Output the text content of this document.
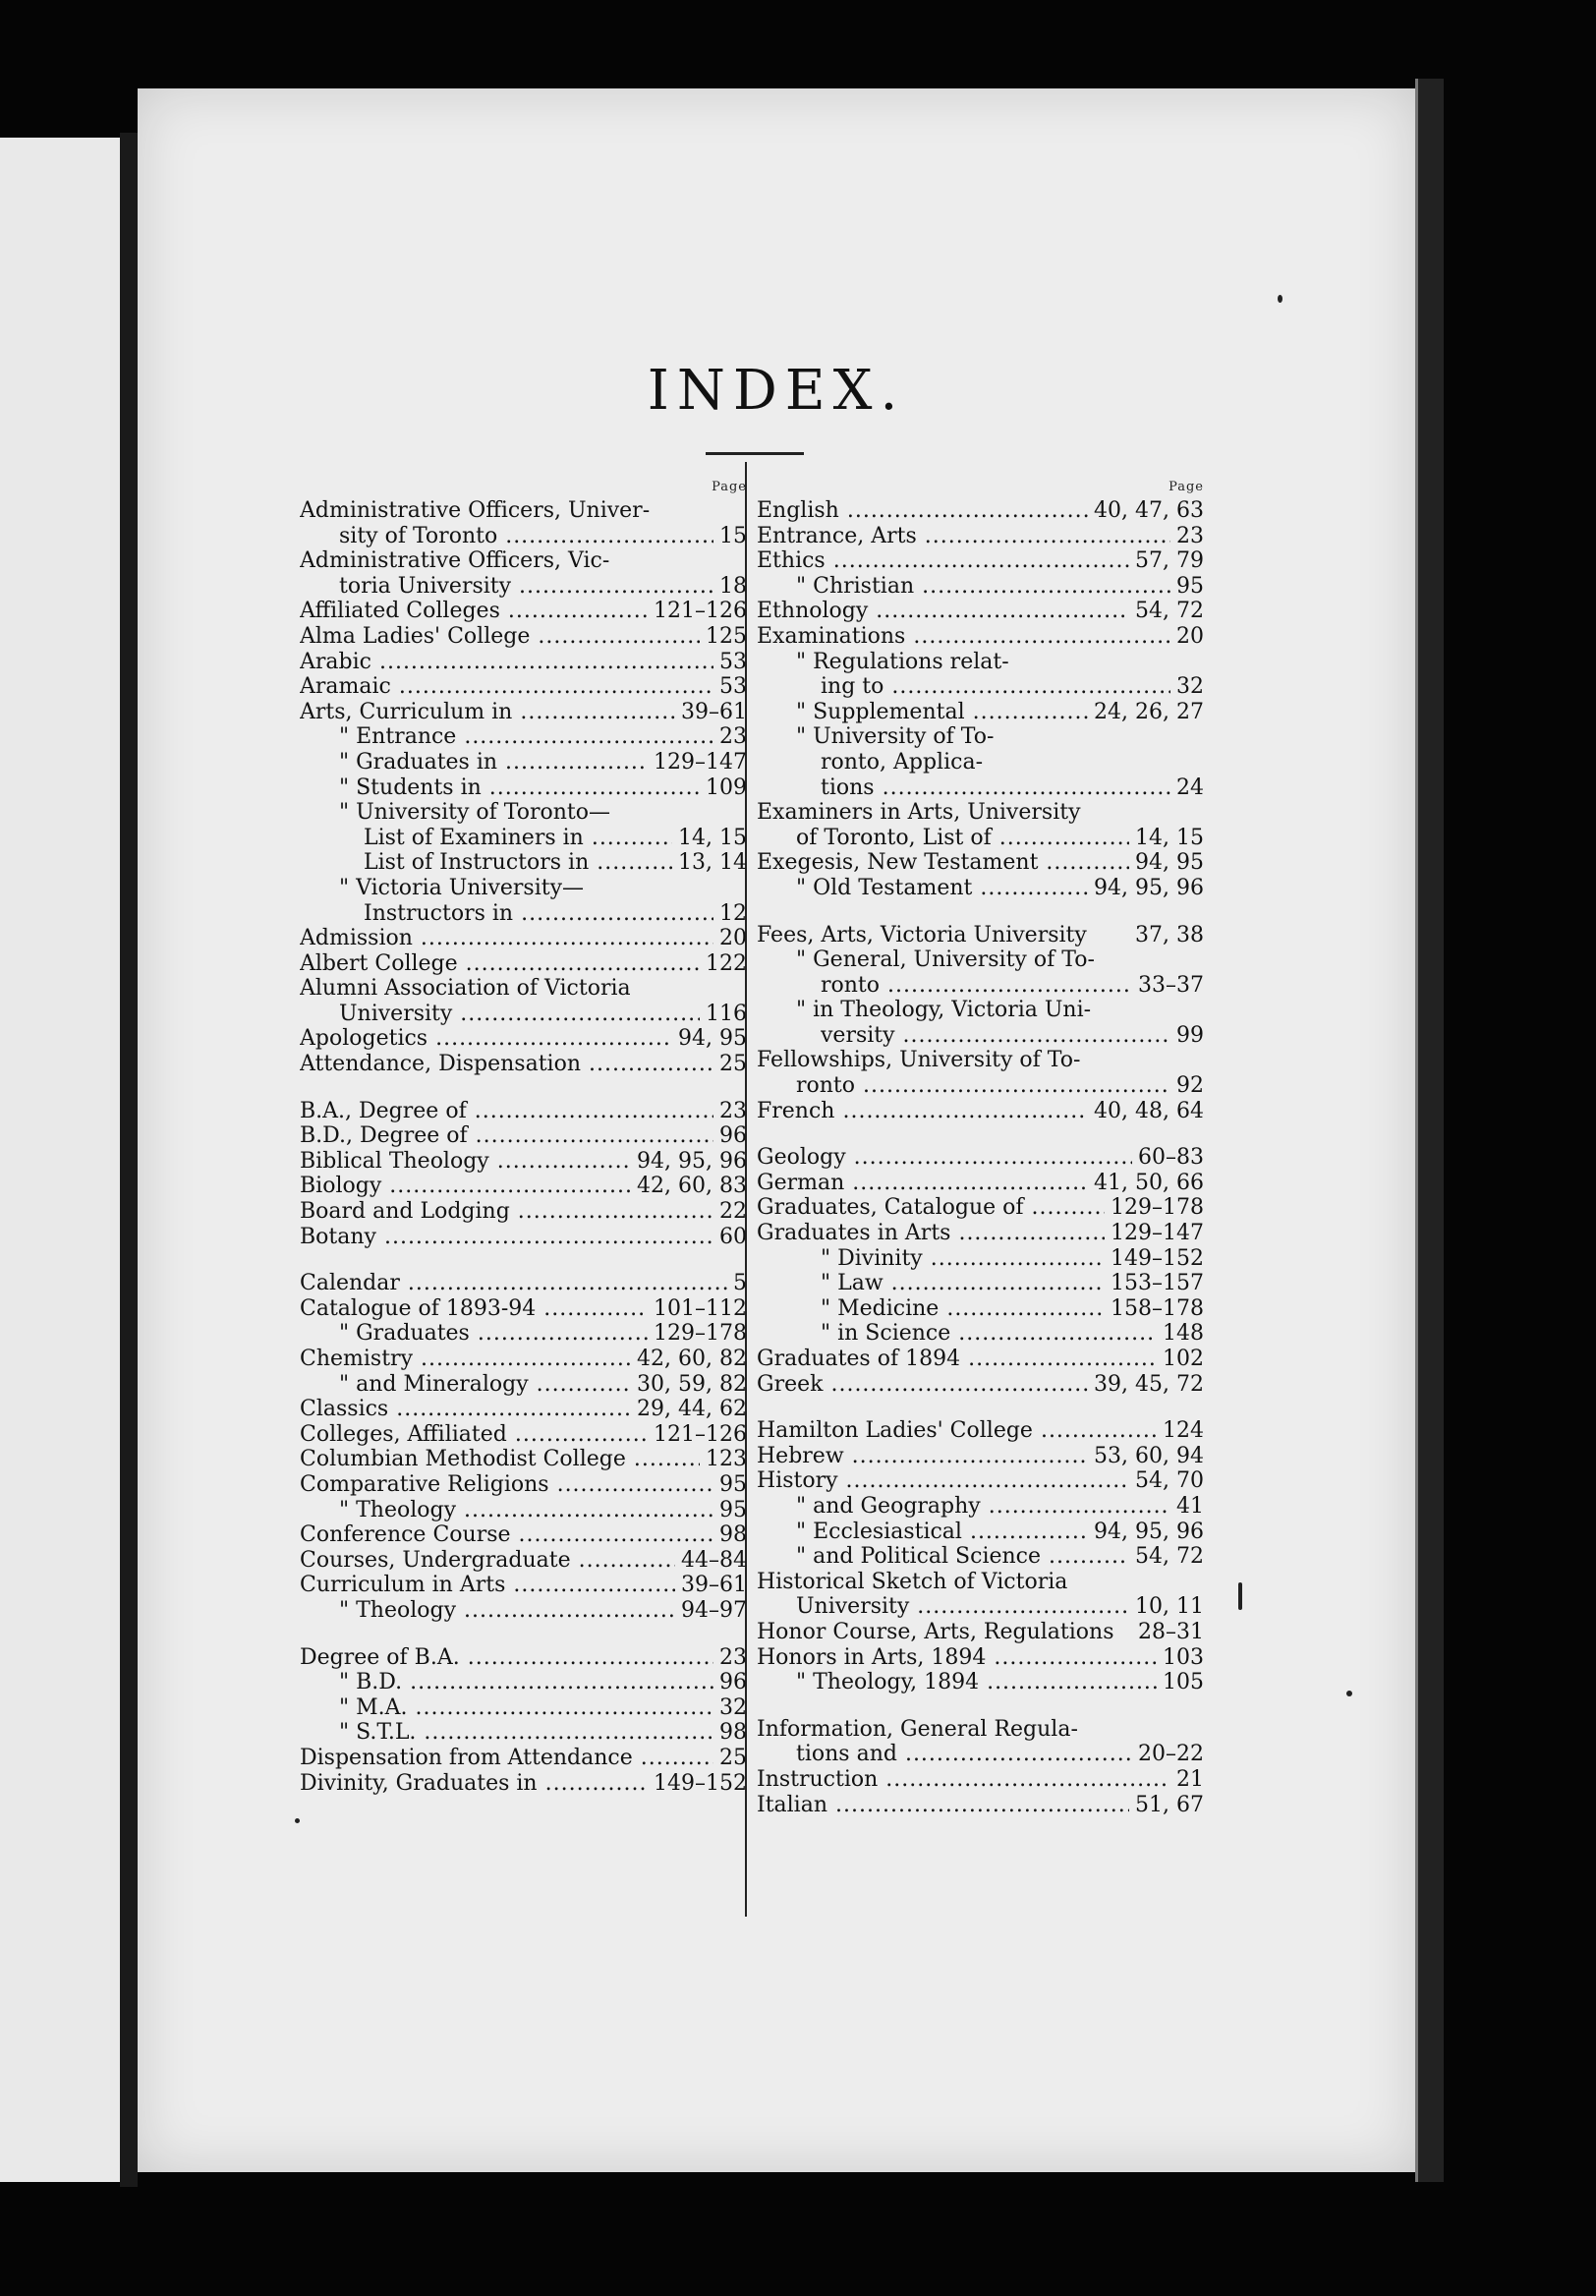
INDEX.
Page
Administrative Officers, Univer-
sity of Toronto .....	15
Administrative Officers, Vic-
toria University .....	18
Affiliated Colleges .....	121–126
Alma Ladies' College .....	125
Arabic .....	53
Aramaic .....	53
Arts, Curriculum in .....	39–61
" Entrance .....	23
" Graduates in .....	129–147
" Students in .....	109
" University of Toronto—
List of Examiners in .....	14, 15
List of Instructors in .....	13, 14
" Victoria University—
Instructors in .....	12
Admission .....	20
Albert College .....	122
Alumni Association of Victoria
University .....	116
Apologetics .....	94, 95
Attendance, Dispensation .....	25
B.A., Degree of .....	23
B.D., Degree of .....	96
Biblical Theology .....	94, 95, 96
Biology .....	42, 60, 83
Board and Lodging .....	22
Botany .....	60
Calendar .....	5
Catalogue of 1893-94 .....	101–112
" Graduates .....	129–178
Chemistry .....	42, 60, 82
" and Mineralogy .....	30, 59, 82
Classics .....	29, 44, 62
Colleges, Affiliated .....	121–126
Columbian Methodist College .....	123
Comparative Religions .....	95
" Theology .....	95
Conference Course .....	98
Courses, Undergraduate .....	44–84
Curriculum in Arts .....	39–61
" Theology .....	94–97
Degree of B.A. .....	23
" B.D. .....	96
" M.A. .....	32
" S.T.L. .....	98
Dispensation from Attendance .....	25
Divinity, Graduates in .....	149–152
Page
English .....	40, 47, 63
Entrance, Arts .....	23
Ethics .....	57, 79
" Christian .....	95
Ethnology .....	54, 72
Examinations .....	20
" Regulations relat-
ing to .....	32
" Supplemental .....	24, 26, 27
" University of To-
ronto, Applica-
tions .....	24
Examiners in Arts, University
of Toronto, List of .....	14, 15
Exegesis, New Testament .....	94, 95
" Old Testament .....	94, 95, 96
Fees, Arts, Victoria University 37, 38
" General, University of To-
ronto .....	33–37
" in Theology, Victoria Uni-
versity .....	99
Fellowships, University of To-
ronto .....	92
French .....	40, 48, 64
Geology .....	60–83
German .....	41, 50, 66
Graduates, Catalogue of .....	129–178
Graduates in Arts .....	129–147
" Divinity .....	149–152
" Law .....	153–157
" Medicine .....	158–178
" in Science .....	148
Graduates of 1894 .....	102
Greek .....	39, 45, 72
Hamilton Ladies' College .....	124
Hebrew .....	53, 60, 94
History .....	54, 70
" and Geography .....	41
" Ecclesiastical .....	94, 95, 96
" and Political Science .....	54, 72
Historical Sketch of Victoria
University .....	10, 11
Honor Course, Arts, Regulations 28–31
Honors in Arts, 1894 .....	103
" Theology, 1894 .....	105
Information, General Regula-
tions and .....	20–22
Instruction .....	21
Italian .....	51, 67
